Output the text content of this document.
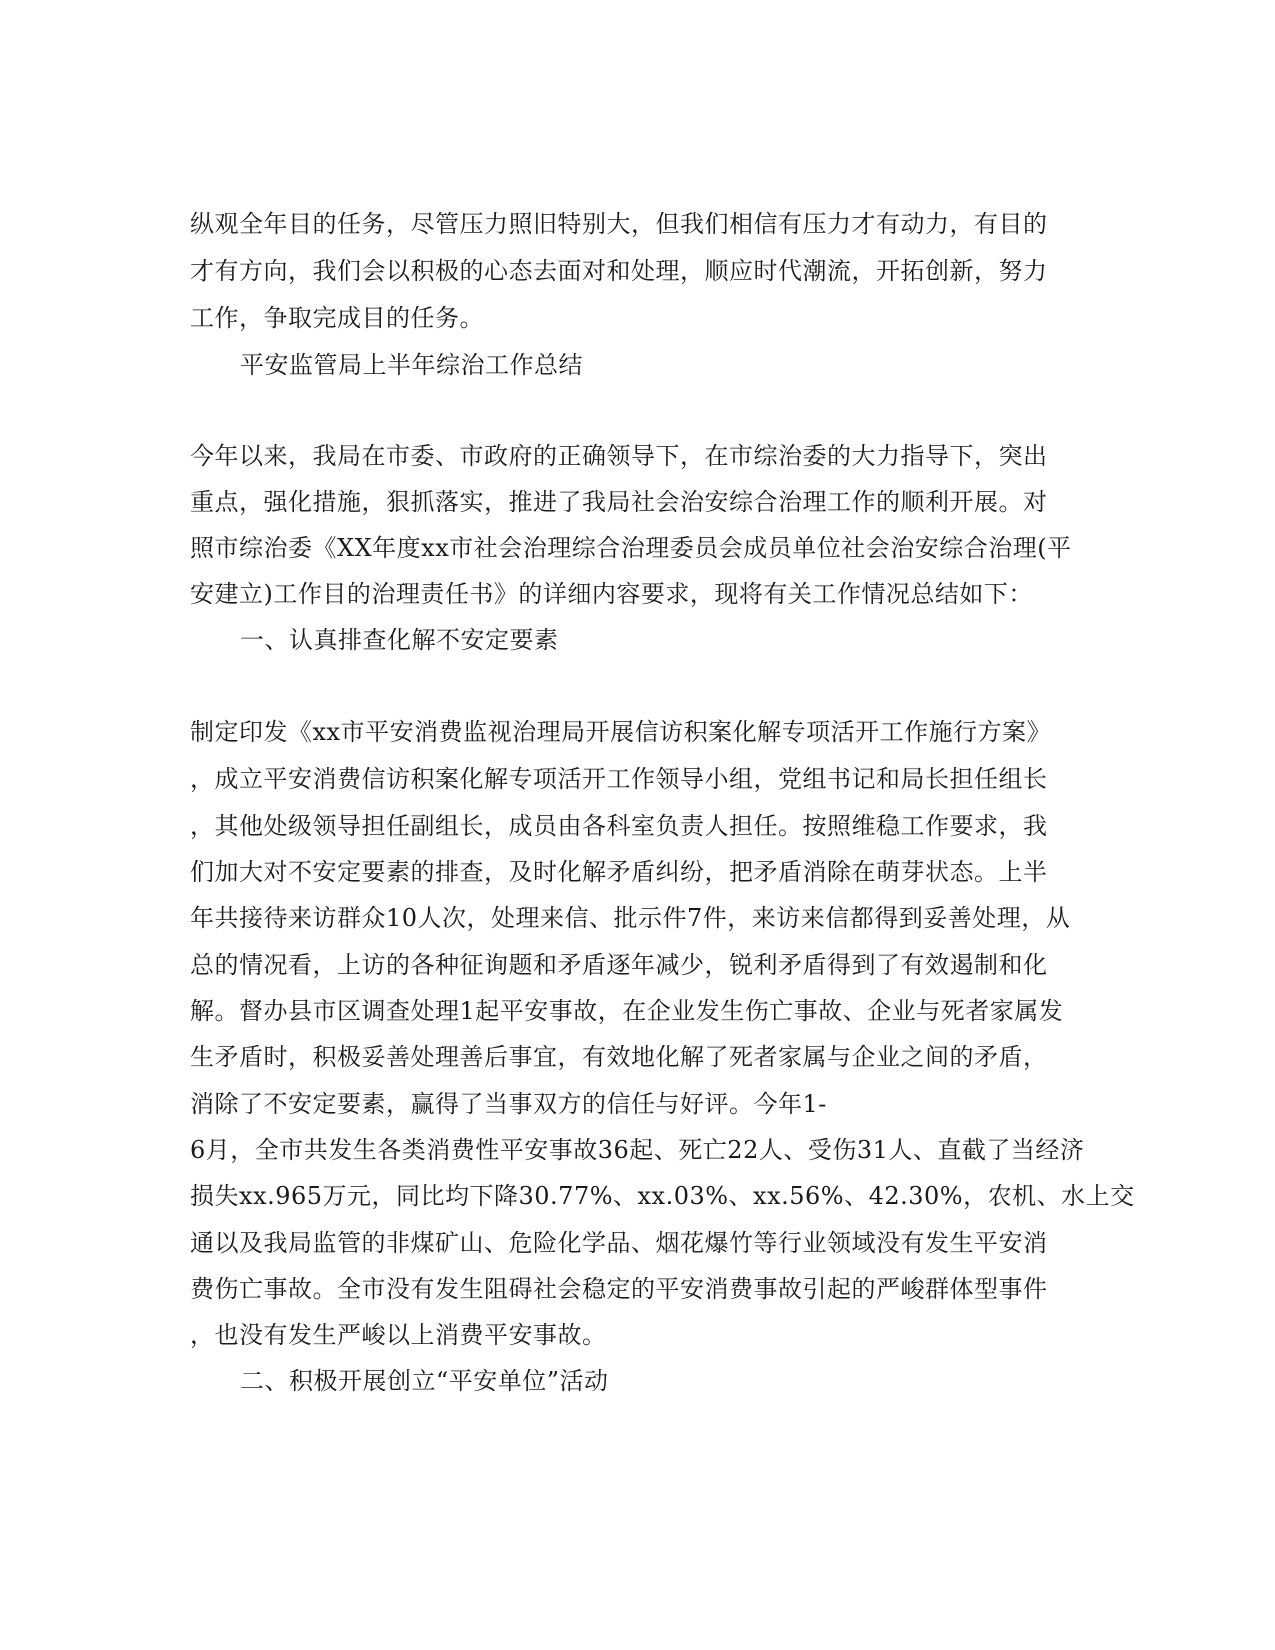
纵观全年目的任务，尽管压力照旧特别大，但我们相信有压力才有动力，有目的
才有方向，我们会以积极的心态去面对和处理，顺应时代潮流，开拓创新，努力
工作，争取完成目的任务。
平安监管局上半年综治工作总结
今年以来，我局在市委、市政府的正确领导下，在市综治委的大力指导下，突出
重点，强化措施，狠抓落实，推进了我局社会治安综合治理工作的顺利开展。对
照市综治委《XX年度xx市社会治理综合治理委员会成员单位社会治安综合治理(平
安建立)工作目的治理责任书》的详细内容要求，现将有关工作情况总结如下：
一、认真排查化解不安定要素
制定印发《xx市平安消费监视治理局开展信访积案化解专项活开工作施行方案》
，成立平安消费信访积案化解专项活开工作领导小组，党组书记和局长担任组长
，其他处级领导担任副组长，成员由各科室负责人担任。按照维稳工作要求，我
们加大对不安定要素的排查，及时化解矛盾纠纷，把矛盾消除在萌芽状态。上半
年共接待来访群众10人次，处理来信、批示件7件，来访来信都得到妥善处理，从
总的情况看，上访的各种征询题和矛盾逐年减少，锐利矛盾得到了有效遏制和化
解。督办县市区调查处理1起平安事故，在企业发生伤亡事故、企业与死者家属发
生矛盾时，积极妥善处理善后事宜，有效地化解了死者家属与企业之间的矛盾，
消除了不安定要素，赢得了当事双方的信任与好评。今年1-
6月，全市共发生各类消费性平安事故36起、死亡22人、受伤31人、直截了当经济
损失xx.965万元，同比均下降30.77%、xx.03%、xx.56%、42.30%，农机、水上交
通以及我局监管的非煤矿山、危险化学品、烟花爆竹等行业领域没有发生平安消
费伤亡事故。全市没有发生阻碍社会稳定的平安消费事故引起的严峻群体型事件
，也没有发生严峻以上消费平安事故。
二、积极开展创立“平安单位”活动
